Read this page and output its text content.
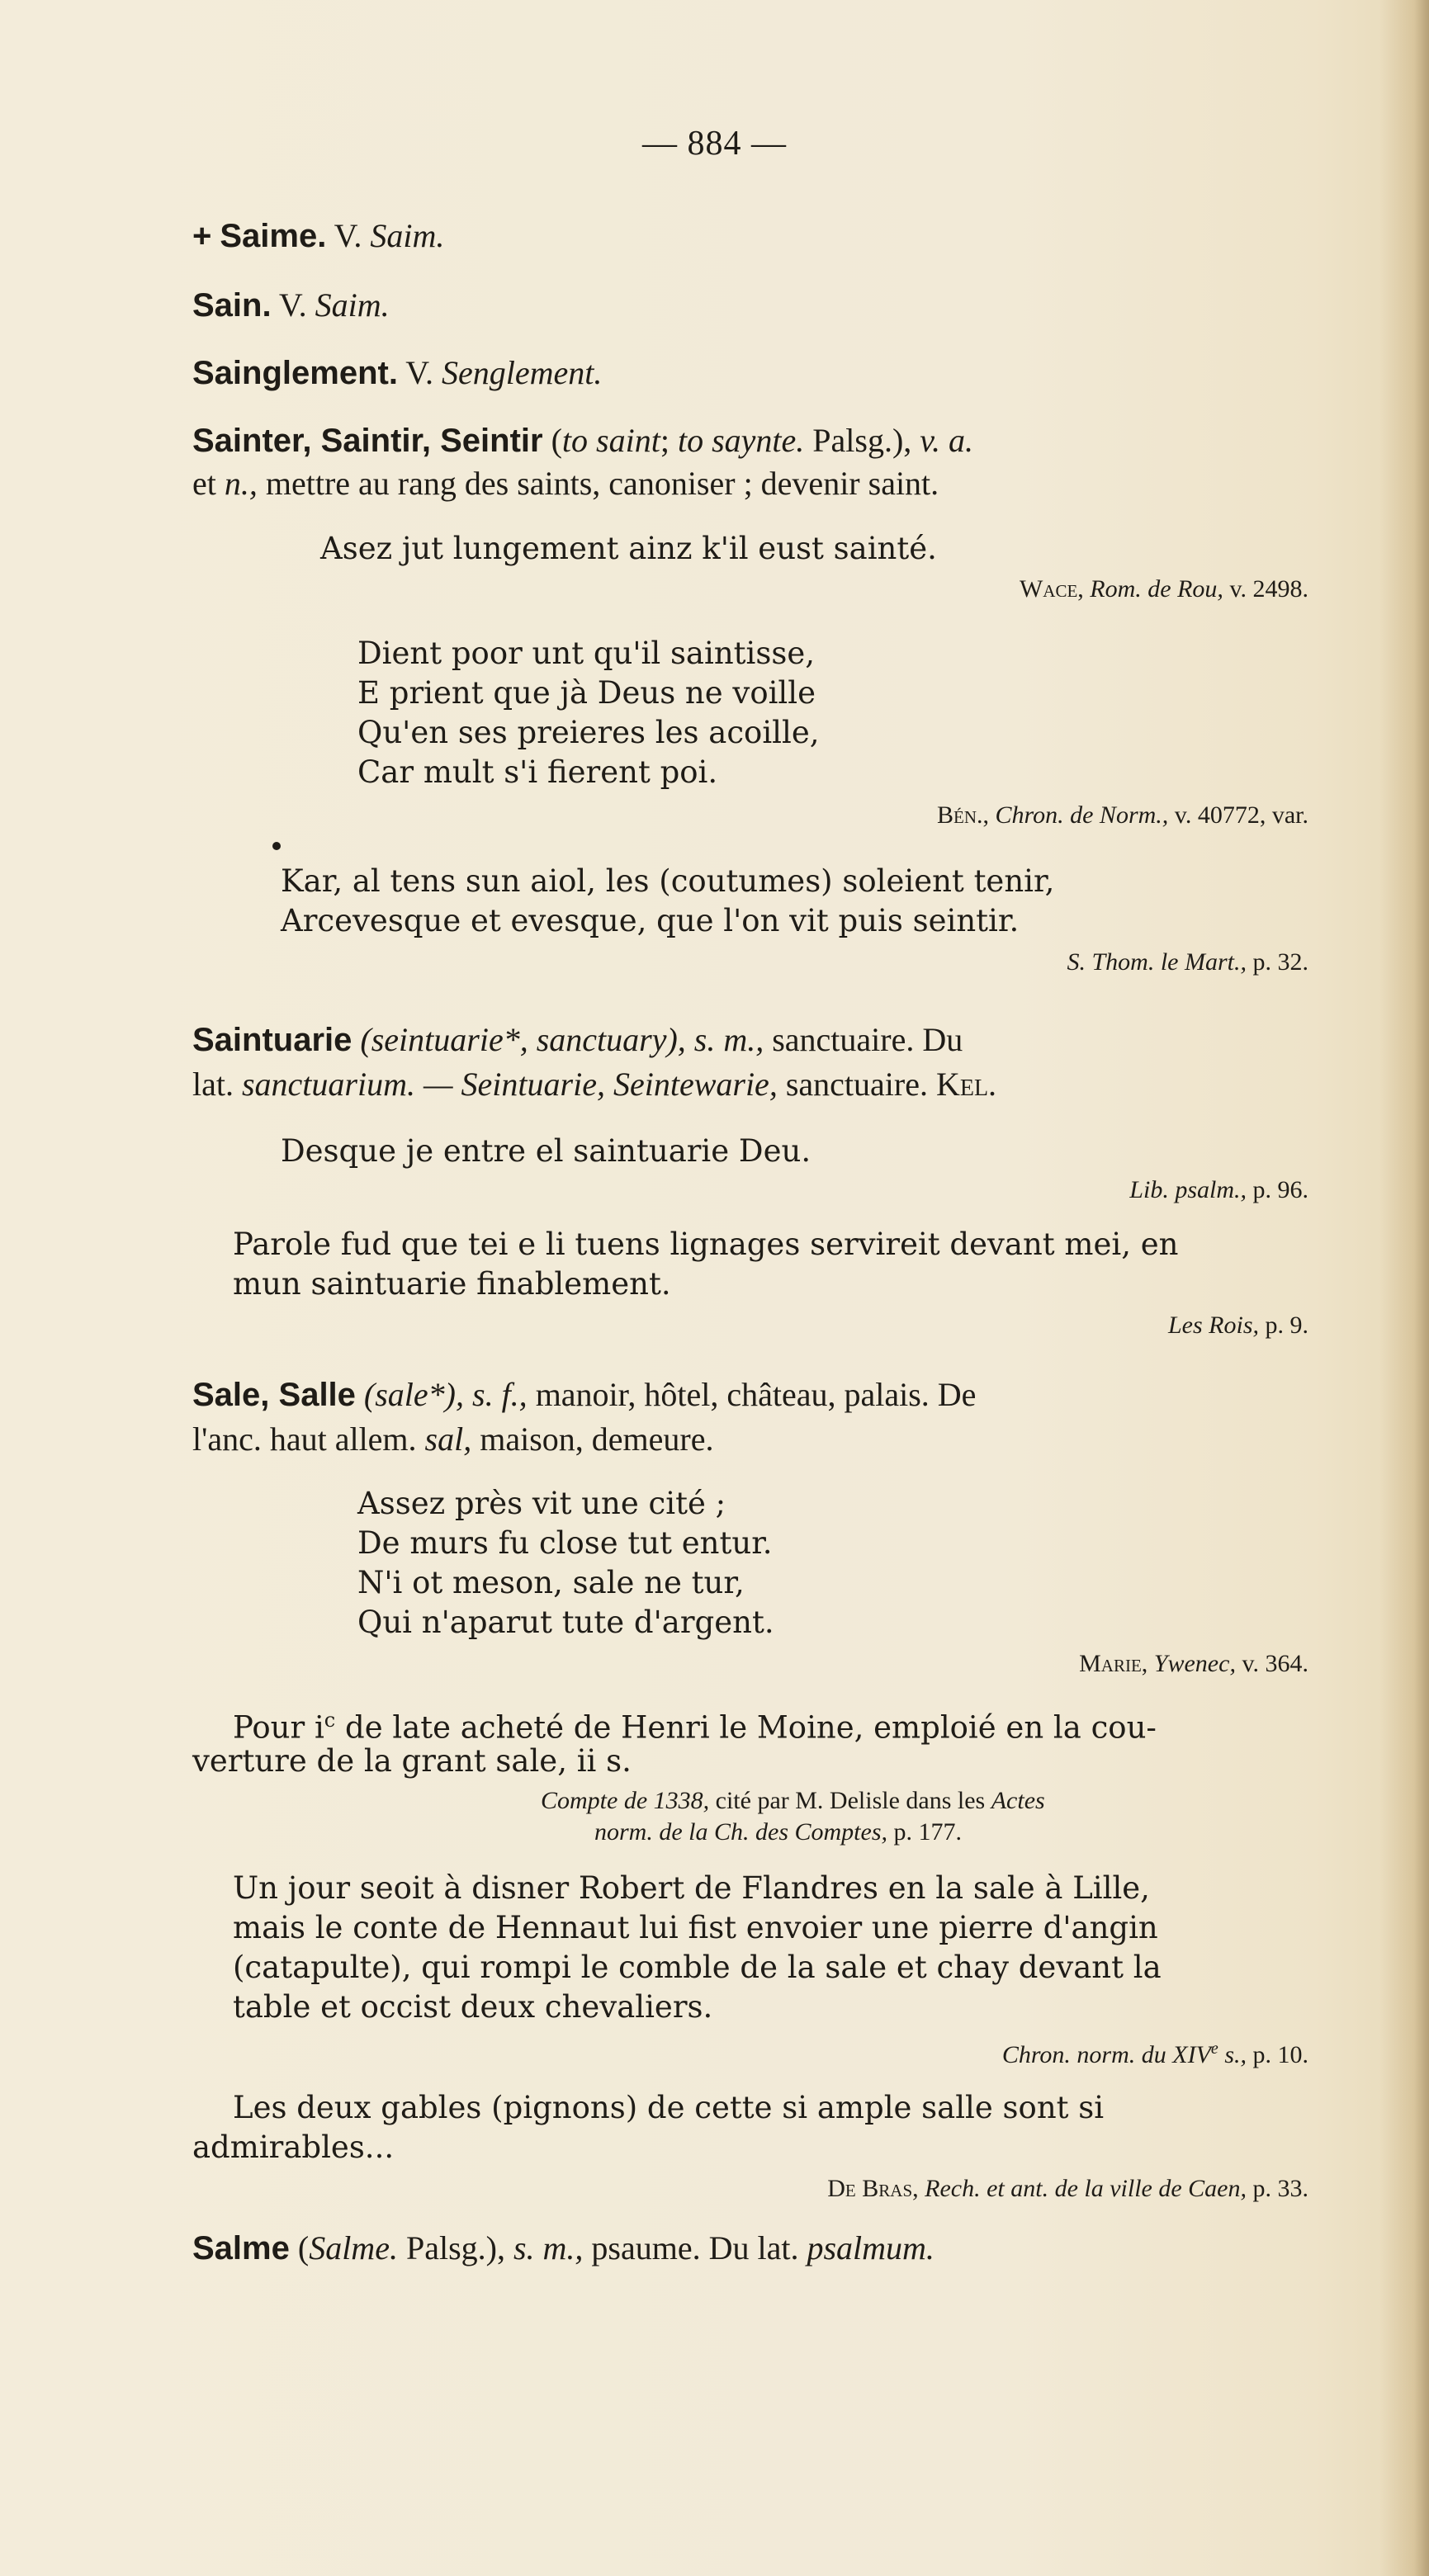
— 884 —
+ Saime. V. Saim.
Sain. V. Saim.
Sainglement. V. Senglement.
Sainter, Saintir, Seintir (to saint; to saynte. Palsg.), v. a.
et n., mettre au rang des saints, canoniser ; devenir saint.
Asez jut lungement ainz k'il eust sainté.
Wace, Rom. de Rou, v. 2498.
Dient poor unt qu'il saintisse,
E prient que jà Deus ne voille
Qu'en ses preieres les acoille,
Car mult s'i fierent poi.
Bén., Chron. de Norm., v. 40772, var.
Kar, al tens sun aiol, les (coutumes) soleient tenir,
Arcevesque et evesque, que l'on vit puis seintir.
S. Thom. le Mart., p. 32.
Saintuarie (seintuarie*, sanctuary), s. m., sanctuaire. Du
lat. sanctuarium. — Seintuarie, Seintewarie, sanctuaire. Kel.
Desque je entre el saintuarie Deu.
Lib. psalm., p. 96.
Parole fud que tei e li tuens lignages servireit devant mei, en
mun saintuarie finablement.
Les Rois, p. 9.
Sale, Salle (sale*), s. f., manoir, hôtel, château, palais. De
l'anc. haut allem. sal, maison, demeure.
Assez près vit une cité ;
De murs fu close tut entur.
N'i ot meson, sale ne tur,
Qui n'aparut tute d'argent.
Marie, Ywenec, v. 364.
Pour $i^c$ de late acheté de Henri le Moine, emploié en la cou-
verture de la grant sale, ii s.
Compte de 1338, cité par M. Delisle dans les Actes
norm. de la Ch. des Comptes, p. 177.
Un jour seoit à disner Robert de Flandres en la sale à Lille,
mais le conte de Hennaut lui fist envoier une pierre d'angin
(catapulte), qui rompi le comble de la sale et chay devant la
table et occist deux chevaliers.
Chron. norm. du XIVe s., p. 10.
Les deux gables (pignons) de cette si ample salle sont si
admirables...
De Bras, Rech. et ant. de la ville de Caen, p. 33.
Salme (Salme. Palsg.), s. m., psaume. Du lat. psalmum.
